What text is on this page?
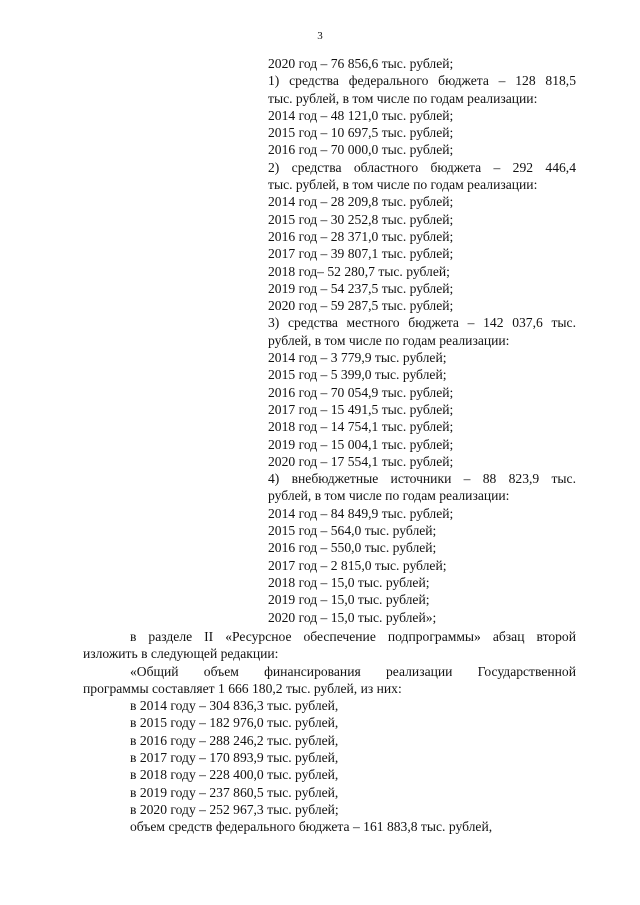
3
2020 год – 76 856,6 тыс. рублей;
1) средства федерального бюджета – 128 818,5
тыс. рублей, в том числе по годам реализации:
2014 год – 48 121,0 тыс. рублей;
2015 год – 10 697,5 тыс. рублей;
2016 год – 70 000,0 тыс. рублей;
2) средства областного бюджета – 292 446,4
тыс. рублей, в том числе по годам реализации:
2014 год – 28 209,8 тыс. рублей;
2015 год – 30 252,8 тыс. рублей;
2016 год – 28 371,0 тыс. рублей;
2017 год – 39 807,1 тыс. рублей;
2018 год– 52 280,7 тыс. рублей;
2019 год – 54 237,5 тыс. рублей;
2020 год – 59 287,5 тыс. рублей;
3) средства местного бюджета – 142 037,6 тыс.
рублей, в том числе по годам реализации:
2014 год – 3 779,9 тыс. рублей;
2015 год – 5 399,0 тыс. рублей;
2016 год – 70 054,9 тыс. рублей;
2017 год – 15 491,5 тыс. рублей;
2018 год – 14 754,1 тыс. рублей;
2019 год – 15 004,1 тыс. рублей;
2020 год – 17 554,1 тыс. рублей;
4) внебюджетные источники – 88 823,9 тыс.
рублей, в том числе по годам реализации:
2014 год – 84 849,9 тыс. рублей;
2015 год – 564,0 тыс. рублей;
2016 год – 550,0 тыс. рублей;
2017 год – 2 815,0 тыс. рублей;
2018 год – 15,0 тыс. рублей;
2019 год – 15,0 тыс. рублей;
2020 год – 15,0 тыс. рублей»;
в разделе II «Ресурсное обеспечение подпрограммы» абзац второй
изложить в следующей редакции:
«Общий объем финансирования реализации Государственной
программы составляет 1 666 180,2 тыс. рублей, из них:
в 2014 году – 304 836,3 тыс. рублей,
в 2015 году – 182 976,0 тыс. рублей,
в 2016 году – 288 246,2 тыс. рублей,
в 2017 году – 170 893,9 тыс. рублей,
в 2018 году – 228 400,0 тыс. рублей,
в 2019 году – 237 860,5 тыс. рублей,
в 2020 году – 252 967,3 тыс. рублей;
объем средств федерального бюджета – 161 883,8 тыс. рублей,
